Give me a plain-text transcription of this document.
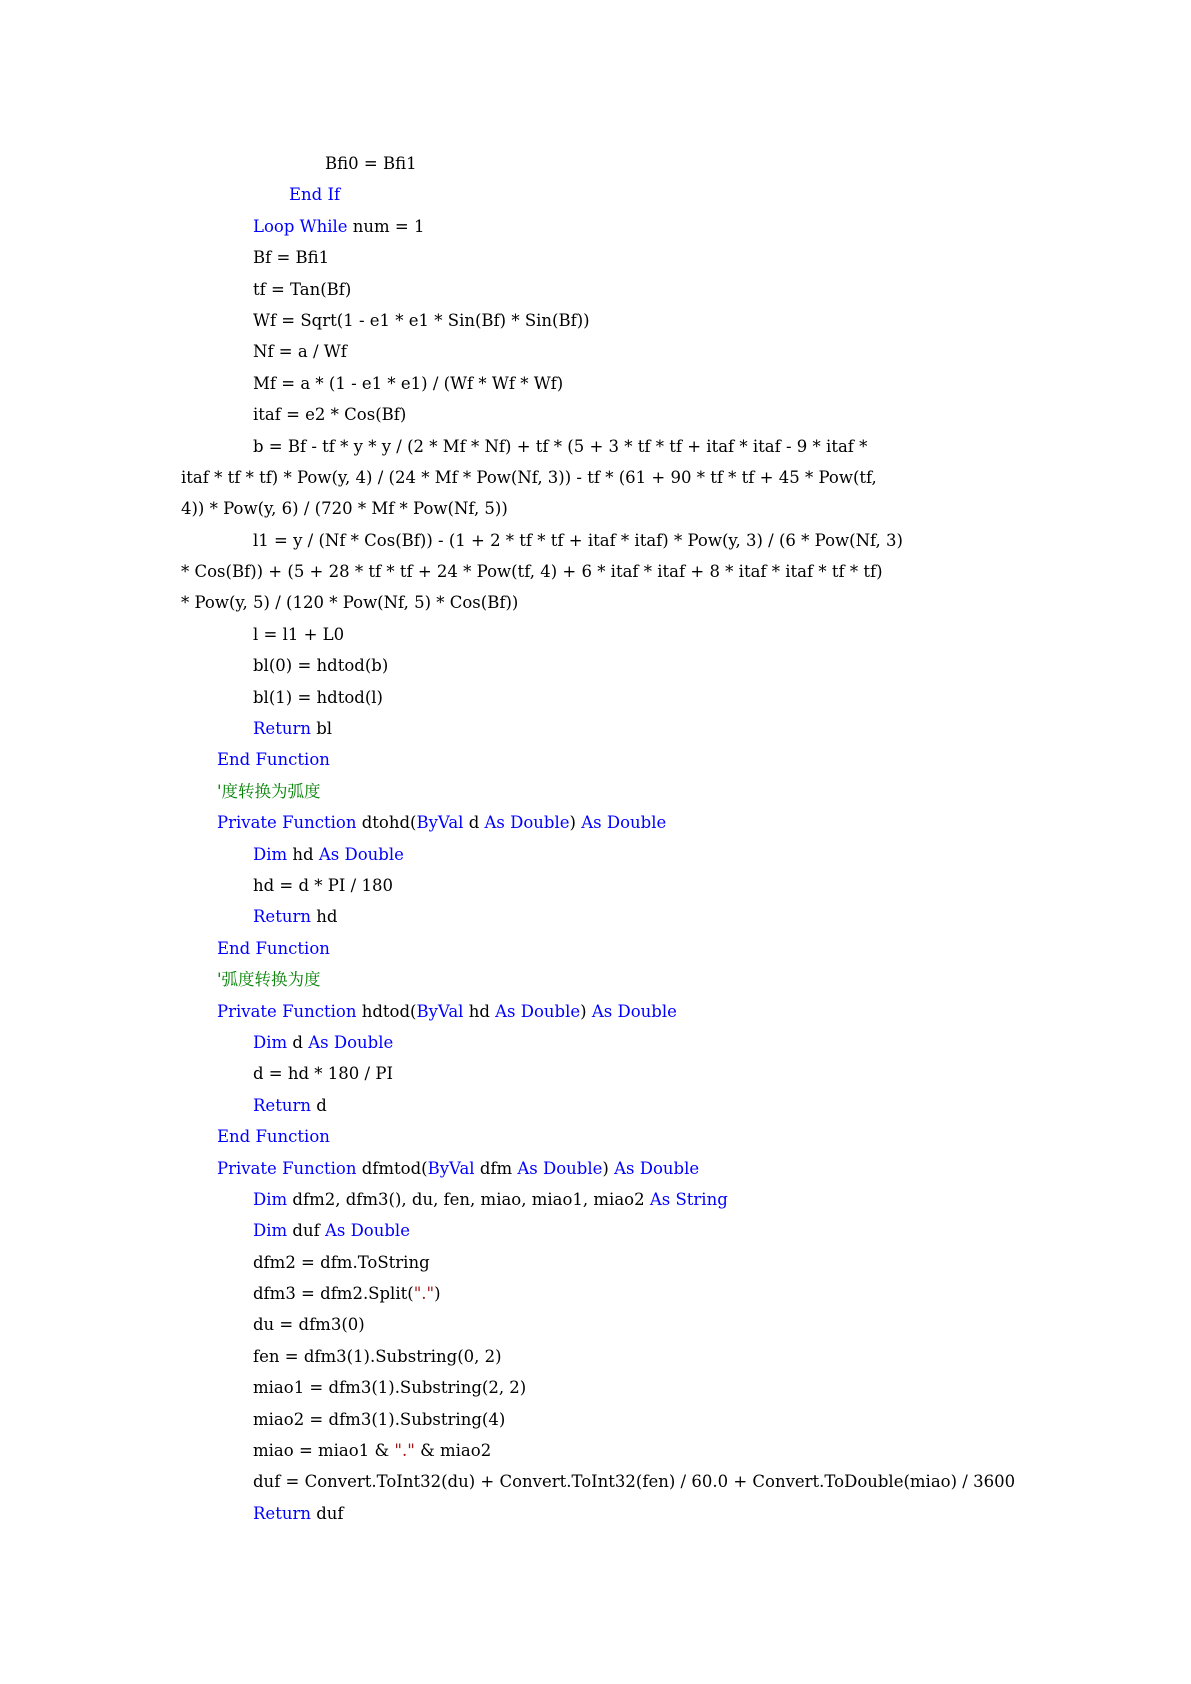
Bfi0 = Bfi1
End If
Loop While num = 1
Bf = Bfi1
tf = Tan(Bf)
Wf = Sqrt(1 - e1 * e1 * Sin(Bf) * Sin(Bf))
Nf = a / Wf
Mf = a * (1 - e1 * e1) / (Wf * Wf * Wf)
itaf = e2 * Cos(Bf)
b = Bf - tf * y * y / (2 * Mf * Nf) + tf * (5 + 3 * tf * tf + itaf * itaf - 9 * itaf *
itaf * tf * tf) * Pow(y, 4) / (24 * Mf * Pow(Nf, 3)) - tf * (61 + 90 * tf * tf + 45 * Pow(tf,
4)) * Pow(y, 6) / (720 * Mf * Pow(Nf, 5))
l1 = y / (Nf * Cos(Bf)) - (1 + 2 * tf * tf + itaf * itaf) * Pow(y, 3) / (6 * Pow(Nf, 3)
* Cos(Bf)) + (5 + 28 * tf * tf + 24 * Pow(tf, 4) + 6 * itaf * itaf + 8 * itaf * itaf * tf * tf)
* Pow(y, 5) / (120 * Pow(Nf, 5) * Cos(Bf))
l = l1 + L0
bl(0) = hdtod(b)
bl(1) = hdtod(l)
Return bl
End Function
'度转换为弧度
Private Function dtohd(ByVal d As Double) As Double
Dim hd As Double
hd = d * PI / 180
Return hd
End Function
'弧度转换为度
Private Function hdtod(ByVal hd As Double) As Double
Dim d As Double
d = hd * 180 / PI
Return d
End Function
Private Function dfmtod(ByVal dfm As Double) As Double
Dim dfm2, dfm3(), du, fen, miao, miao1, miao2 As String
Dim duf As Double
dfm2 = dfm.ToString
dfm3 = dfm2.Split(".")
du = dfm3(0)
fen = dfm3(1).Substring(0, 2)
miao1 = dfm3(1).Substring(2, 2)
miao2 = dfm3(1).Substring(4)
miao = miao1 & "." & miao2
duf = Convert.ToInt32(du) + Convert.ToInt32(fen) / 60.0 + Convert.ToDouble(miao) / 3600
Return duf
